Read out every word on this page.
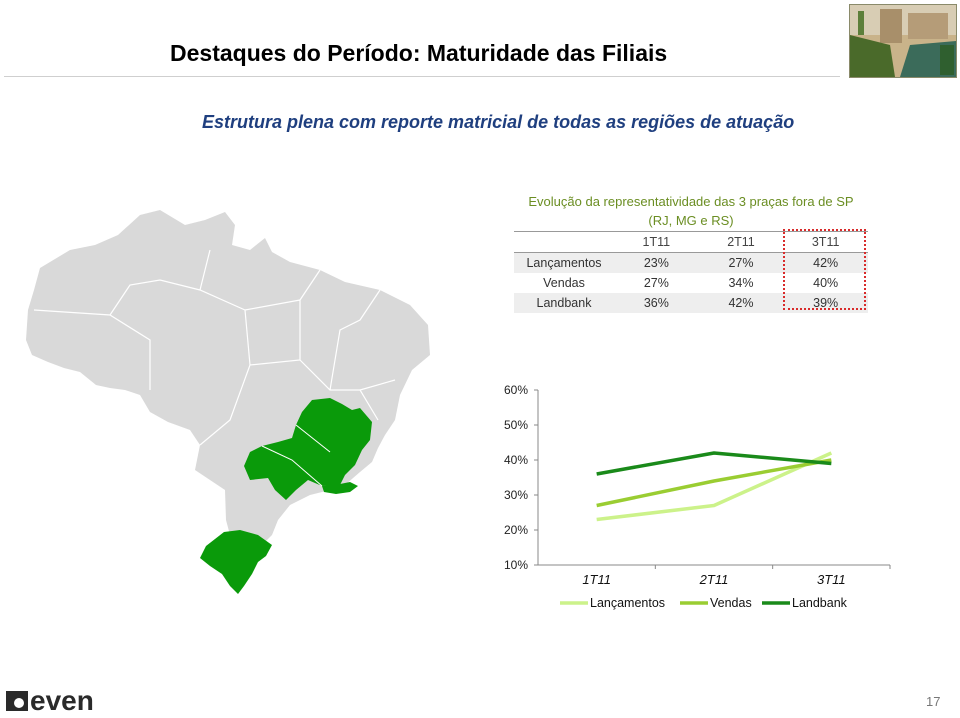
Destaques do Período: Maturidade das Filiais
Estrutura plena com reporte matricial de todas as regiões de atuação
Evolução da representatividade das 3 praças fora de SP
(RJ, MG e RS)
	1T11	2T11	3T11
Lançamentos	23%	27%	42%
Vendas	27%	34%	40%
Landbank	36%	42%	39%
60%
50%
40%
30%
20%
10%
1T11	2T11	3T11
Lançamentos	Vendas	Landbank
even	17
